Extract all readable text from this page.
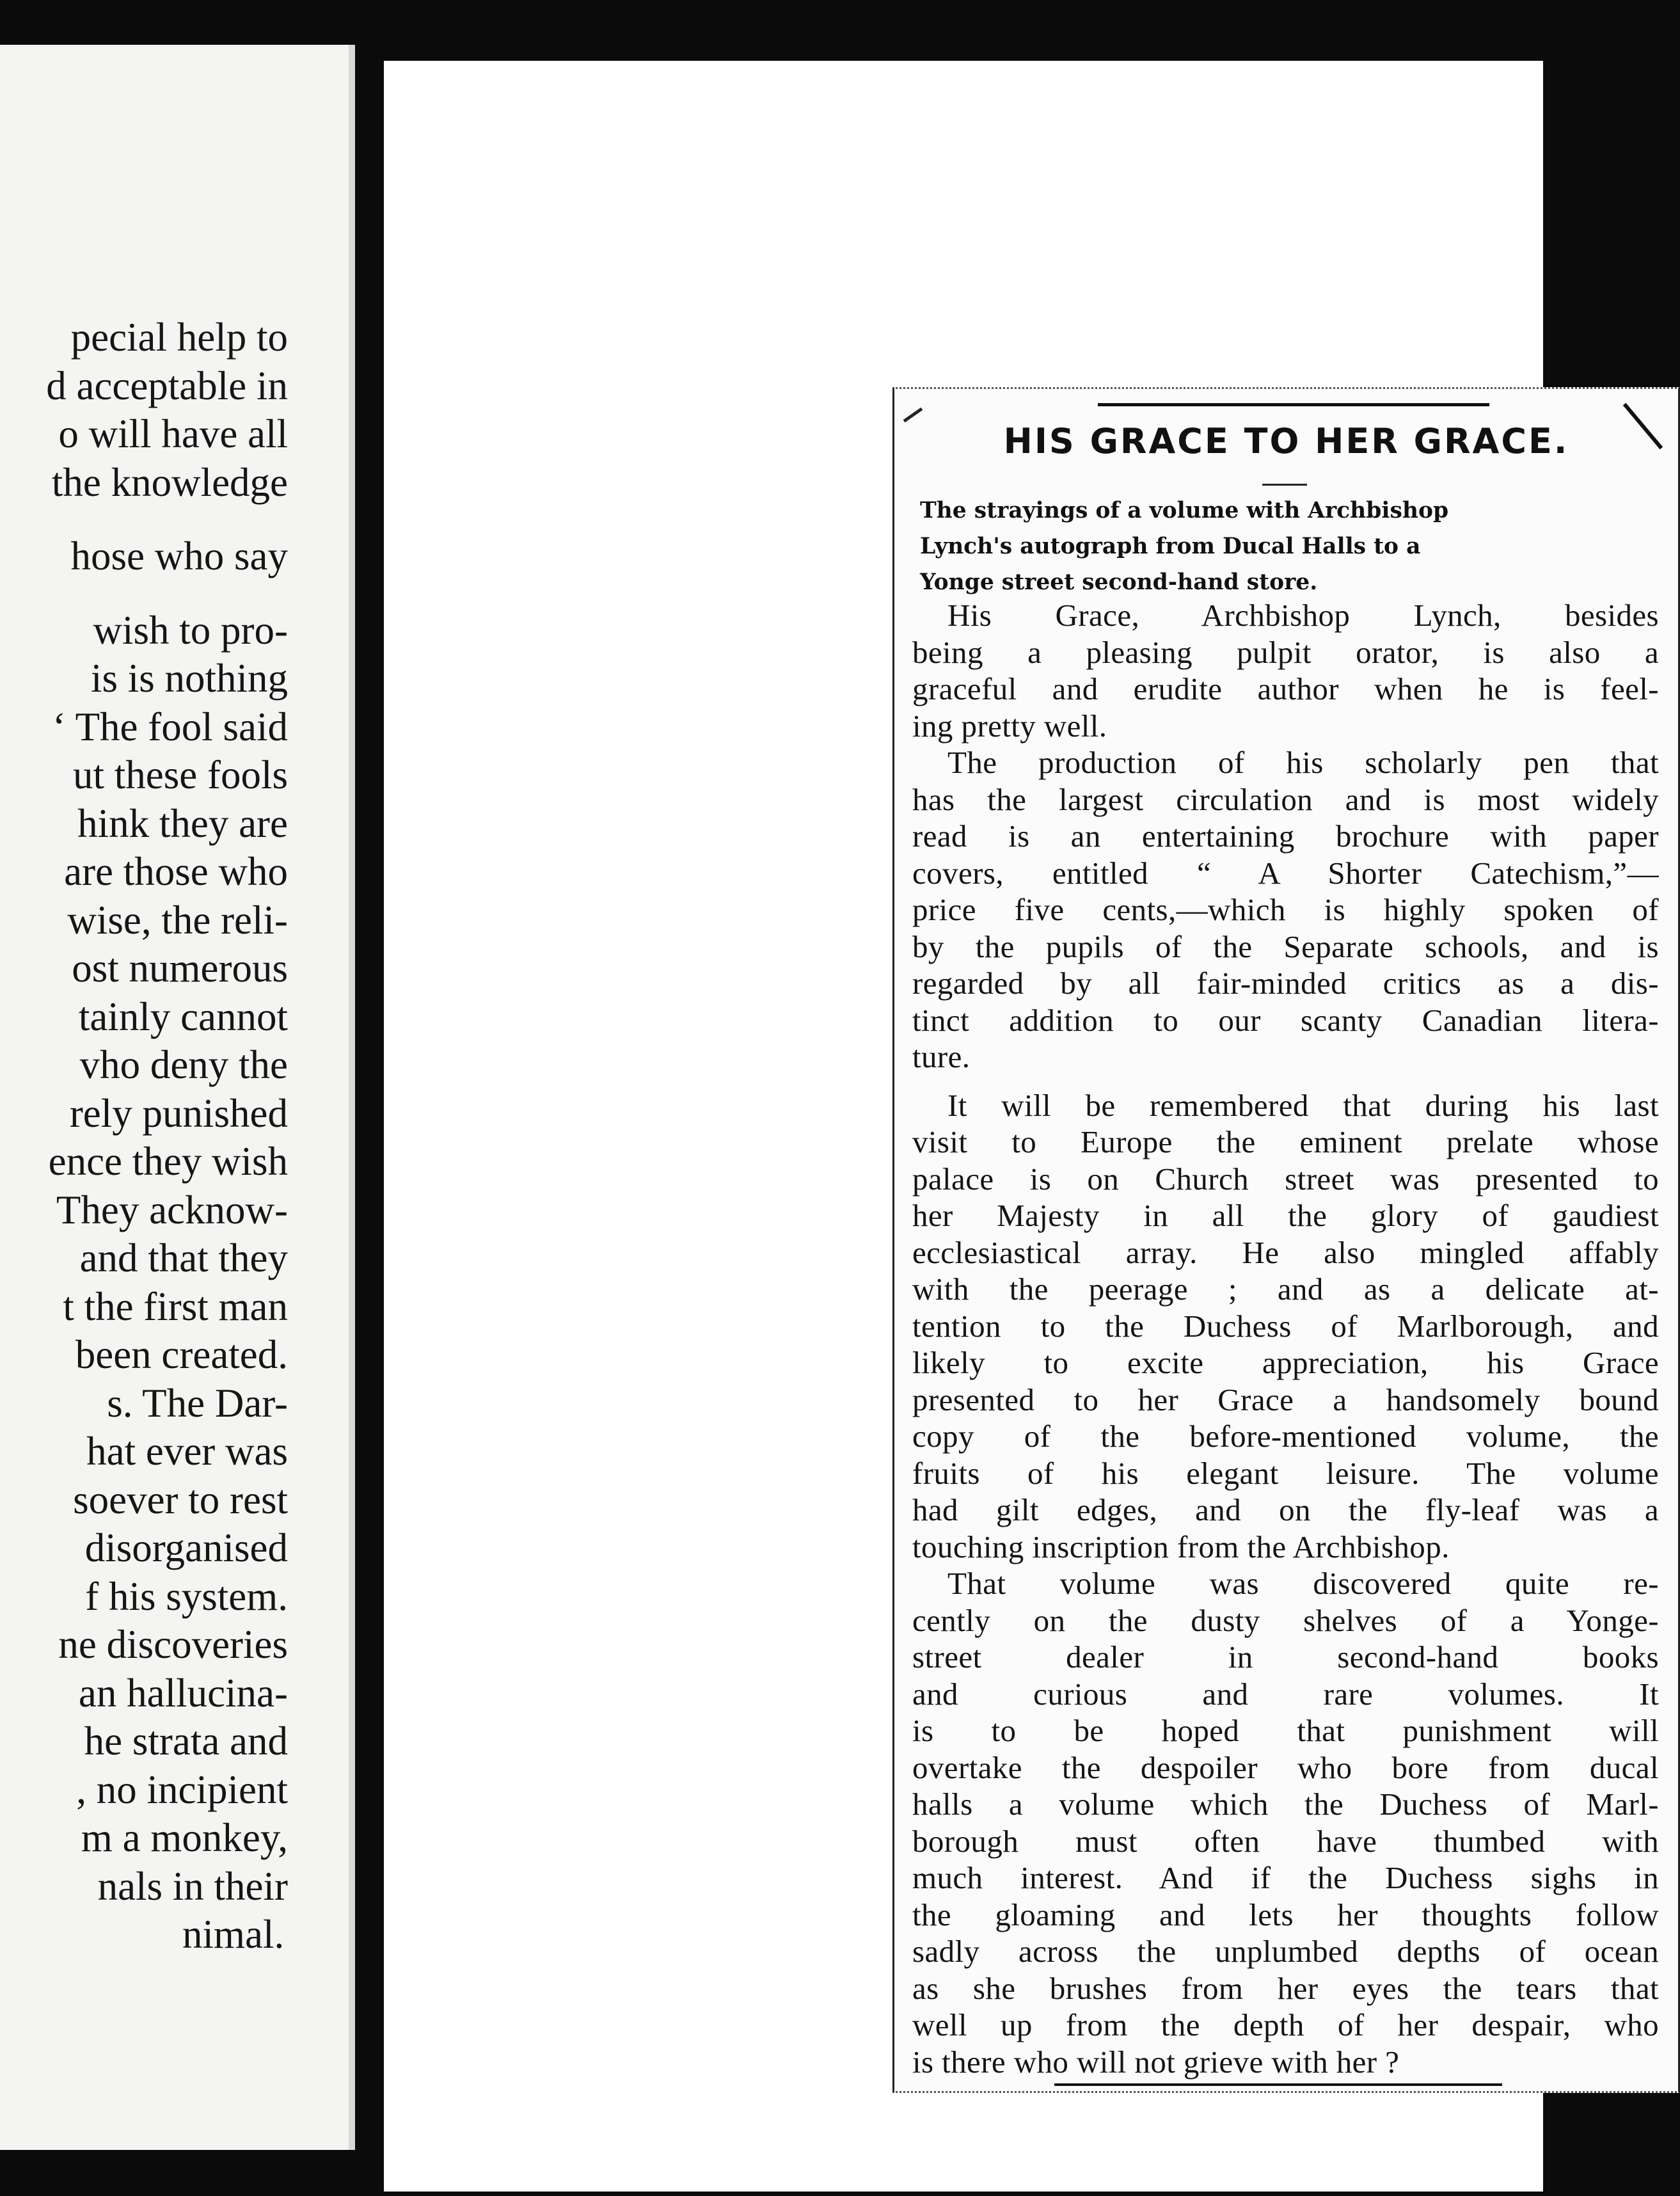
pecial help to
d acceptable in
o will have all
the knowledge
hose who say
wish to pro-
is is nothing
‘ The fool said
ut these fools
hink they are
are those who
wise, the reli-
ost numerous
tainly cannot
vho deny the
rely punished
ence they wish
They acknow-
and that they
t the first man
been created.
s. The Dar-
hat ever was
soever to rest
disorganised
f his system.
ne discoveries
an hallucina-
he strata and
, no incipient
m a monkey,
nals in their
nimal.
HIS GRACE TO HER GRACE.
The strayings of a volume with Archbishop
Lynch's autograph from Ducal Halls to a
Yonge street second-hand store.
His Grace, Archbishop Lynch, besides
being a pleasing pulpit orator, is also a
graceful and erudite author when he is feel-
ing pretty well.
The production of his scholarly pen that
has the largest circulation and is most widely
read is an entertaining brochure with paper
covers, entitled “ A Shorter Catechism,”—
price five cents,—which is highly spoken of
by the pupils of the Separate schools, and is
regarded by all fair-minded critics as a dis-
tinct addition to our scanty Canadian litera-
ture.
It will be remembered that during his last
visit to Europe the eminent prelate whose
palace is on Church street was presented to
her Majesty in all the glory of gaudiest
ecclesiastical array. He also mingled affably
with the peerage ; and as a delicate at-
tention to the Duchess of Marlborough, and
likely to excite appreciation, his Grace
presented to her Grace a handsomely bound
copy of the before-mentioned volume, the
fruits of his elegant leisure. The volume
had gilt edges, and on the fly-leaf was a
touching inscription from the Archbishop.
That volume was discovered quite re-
cently on the dusty shelves of a Yonge-
street dealer in second-hand books
and curious and rare volumes. It
is to be hoped that punishment will
overtake the despoiler who bore from ducal
halls a volume which the Duchess of Marl-
borough must often have thumbed with
much interest. And if the Duchess sighs in
the gloaming and lets her thoughts follow
sadly across the unplumbed depths of ocean
as she brushes from her eyes the tears that
well up from the depth of her despair, who
is there who will not grieve with her ?
